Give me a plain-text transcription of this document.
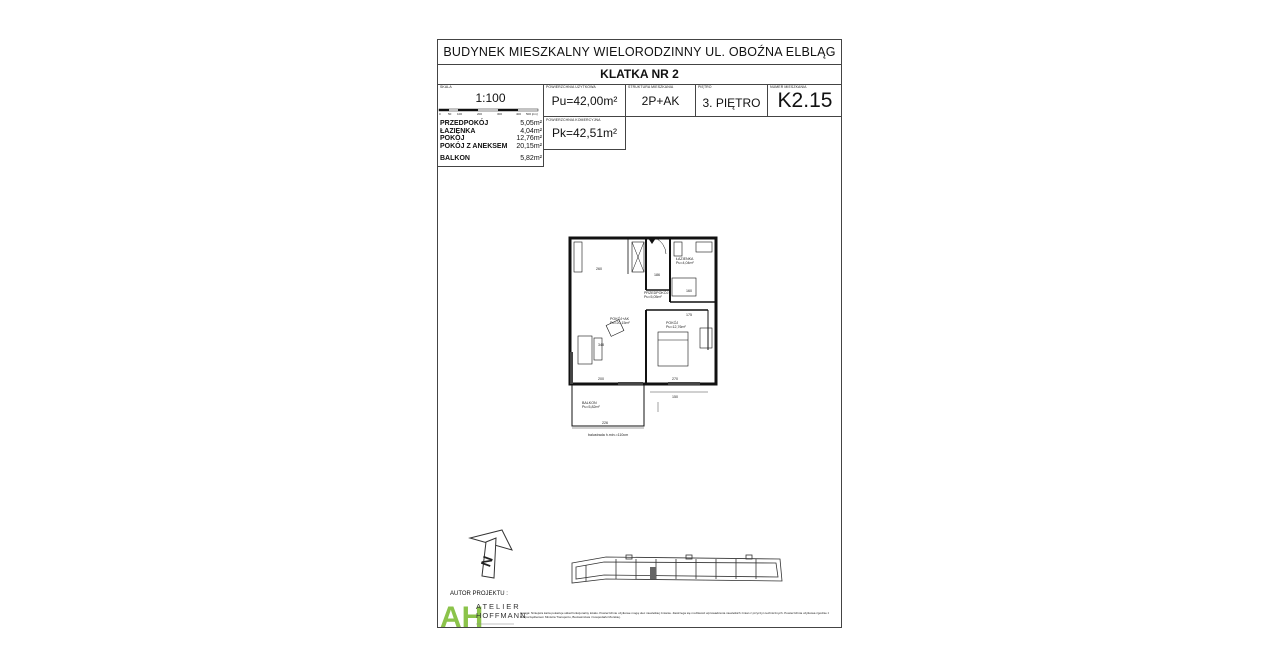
BUDYNEK MIESZKALNY WIELORODZINNY UL. OBOŹNA ELBLĄG
KLATKA NR 2
SKALA
1:100
0 50 100	200	300	400 500 [cm]
PRZEDPOKÓJ	5,05m²
ŁAZIENKA	4,04m²
POKÓJ	12,76m²
POKÓJ Z ANEKSEM 20,15m²
BALKON	5,82m²
POWIERZCHNIA UŻYTKOWA
Pu=42,00m²
STRUKTURA MIESZKANIA
2P+AK
PIĘTRO
3. PIĘTRO
NUMER MIESZKANIA
K2.15
POWIERZCHNIA KOMERCYJNA
Pk=42,51m²
PRZEDPOKÓJ
Pu=5,05m²
ŁAZIENKA
Pu=4,04m²
POKÓJ+AK
Pu=20,15m²	POKÓJ
Pu=12,76m²
BALKON
Pu=5,82m²
balustrada h.min.=110cm
260
186
348
200	270
150
226
160
175
N
AUTOR PROJEKTU :
AH
ATELIER
HOFFMANN
Uwaga: Niniejsza karta pokazuje układ funkcjonalny lokalu. Powierzchnie użytkowe mogą ulec niewielkiej zmianie. Zastrzega się możliwość wprowadzenia niewielkich zmian z przyczyn technicznych. Powierzchnia użytkowa zgodnie z Rozporządzeniem Ministra Transportu, Budownictwa i Gospodarki Morskiej.
